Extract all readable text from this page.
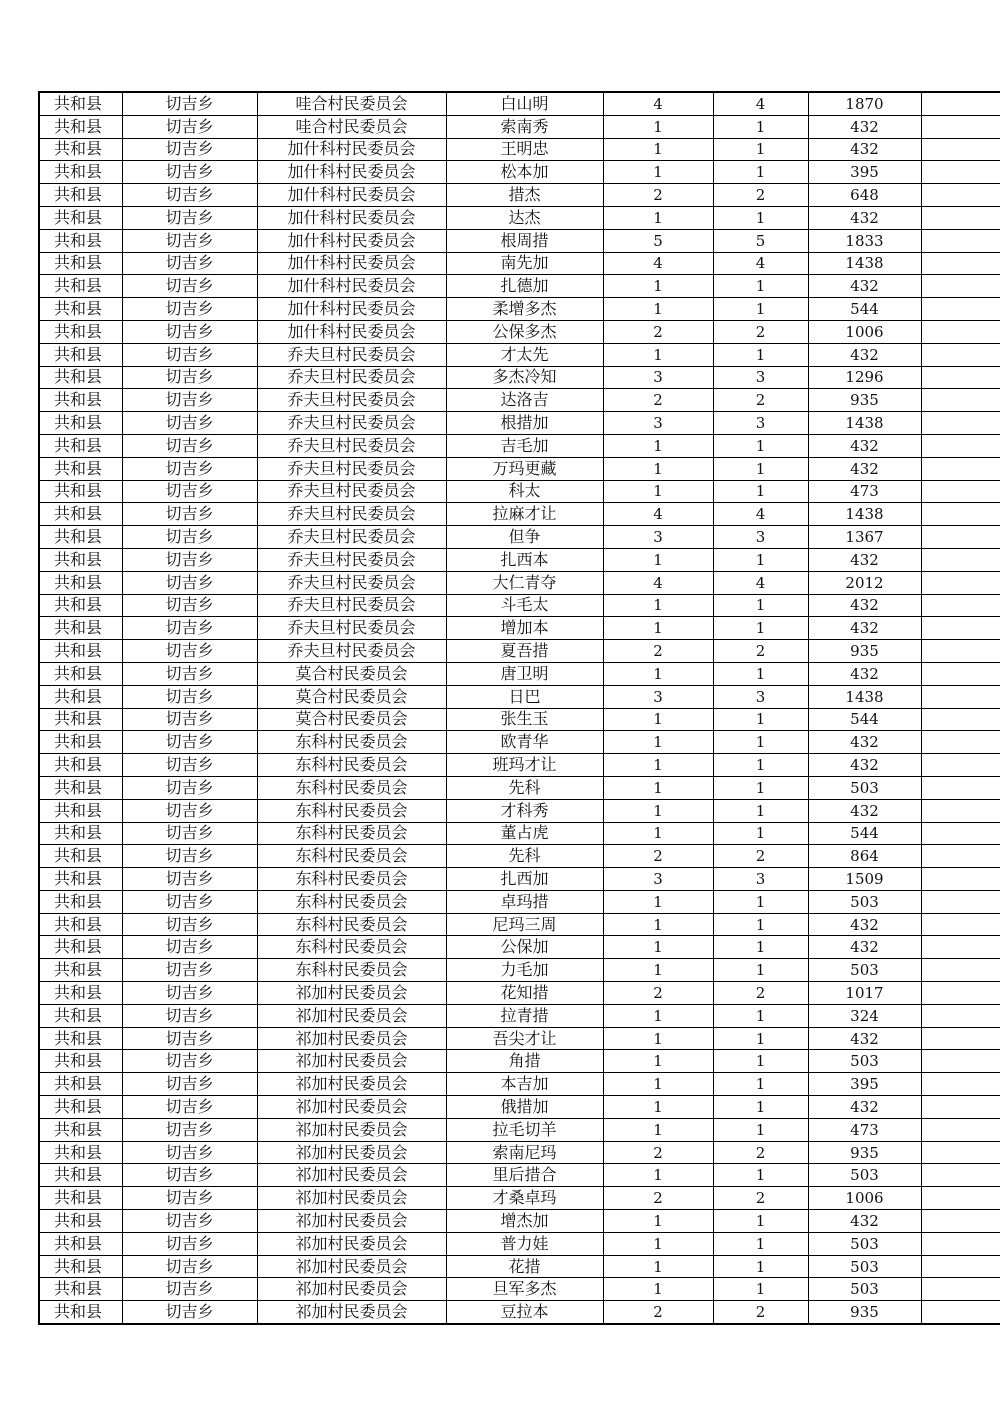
共和县	切吉乡	哇合村民委员会	白山明	4	4	1870	
共和县	切吉乡	哇合村民委员会	索南秀	1	1	432	
共和县	切吉乡	加什科村民委员会	王明忠	1	1	432	
共和县	切吉乡	加什科村民委员会	松本加	1	1	395	
共和县	切吉乡	加什科村民委员会	措杰	2	2	648	
共和县	切吉乡	加什科村民委员会	达杰	1	1	432	
共和县	切吉乡	加什科村民委员会	根周措	5	5	1833	
共和县	切吉乡	加什科村民委员会	南先加	4	4	1438	
共和县	切吉乡	加什科村民委员会	扎德加	1	1	432	
共和县	切吉乡	加什科村民委员会	柔增多杰	1	1	544	
共和县	切吉乡	加什科村民委员会	公保多杰	2	2	1006	
共和县	切吉乡	乔夫旦村民委员会	才太先	1	1	432	
共和县	切吉乡	乔夫旦村民委员会	多杰冷知	3	3	1296	
共和县	切吉乡	乔夫旦村民委员会	达洛吉	2	2	935	
共和县	切吉乡	乔夫旦村民委员会	根措加	3	3	1438	
共和县	切吉乡	乔夫旦村民委员会	吉毛加	1	1	432	
共和县	切吉乡	乔夫旦村民委员会	万玛更藏	1	1	432	
共和县	切吉乡	乔夫旦村民委员会	科太	1	1	473	
共和县	切吉乡	乔夫旦村民委员会	拉麻才让	4	4	1438	
共和县	切吉乡	乔夫旦村民委员会	但争	3	3	1367	
共和县	切吉乡	乔夫旦村民委员会	扎西本	1	1	432	
共和县	切吉乡	乔夫旦村民委员会	大仁青夺	4	4	2012	
共和县	切吉乡	乔夫旦村民委员会	斗毛太	1	1	432	
共和县	切吉乡	乔夫旦村民委员会	增加本	1	1	432	
共和县	切吉乡	乔夫旦村民委员会	夏吾措	2	2	935	
共和县	切吉乡	莫合村民委员会	唐卫明	1	1	432	
共和县	切吉乡	莫合村民委员会	日巴	3	3	1438	
共和县	切吉乡	莫合村民委员会	张生玉	1	1	544	
共和县	切吉乡	东科村民委员会	欧青华	1	1	432	
共和县	切吉乡	东科村民委员会	班玛才让	1	1	432	
共和县	切吉乡	东科村民委员会	先科	1	1	503	
共和县	切吉乡	东科村民委员会	才科秀	1	1	432	
共和县	切吉乡	东科村民委员会	董占虎	1	1	544	
共和县	切吉乡	东科村民委员会	先科	2	2	864	
共和县	切吉乡	东科村民委员会	扎西加	3	3	1509	
共和县	切吉乡	东科村民委员会	卓玛措	1	1	503	
共和县	切吉乡	东科村民委员会	尼玛三周	1	1	432	
共和县	切吉乡	东科村民委员会	公保加	1	1	432	
共和县	切吉乡	东科村民委员会	力毛加	1	1	503	
共和县	切吉乡	祁加村民委员会	花知措	2	2	1017	
共和县	切吉乡	祁加村民委员会	拉青措	1	1	324	
共和县	切吉乡	祁加村民委员会	吾尖才让	1	1	432	
共和县	切吉乡	祁加村民委员会	角措	1	1	503	
共和县	切吉乡	祁加村民委员会	本吉加	1	1	395	
共和县	切吉乡	祁加村民委员会	俄措加	1	1	432	
共和县	切吉乡	祁加村民委员会	拉毛切羊	1	1	473	
共和县	切吉乡	祁加村民委员会	索南尼玛	2	2	935	
共和县	切吉乡	祁加村民委员会	里后措合	1	1	503	
共和县	切吉乡	祁加村民委员会	才桑卓玛	2	2	1006	
共和县	切吉乡	祁加村民委员会	增杰加	1	1	432	
共和县	切吉乡	祁加村民委员会	普力娃	1	1	503	
共和县	切吉乡	祁加村民委员会	花措	1	1	503	
共和县	切吉乡	祁加村民委员会	旦军多杰	1	1	503	
共和县	切吉乡	祁加村民委员会	豆拉本	2	2	935	
